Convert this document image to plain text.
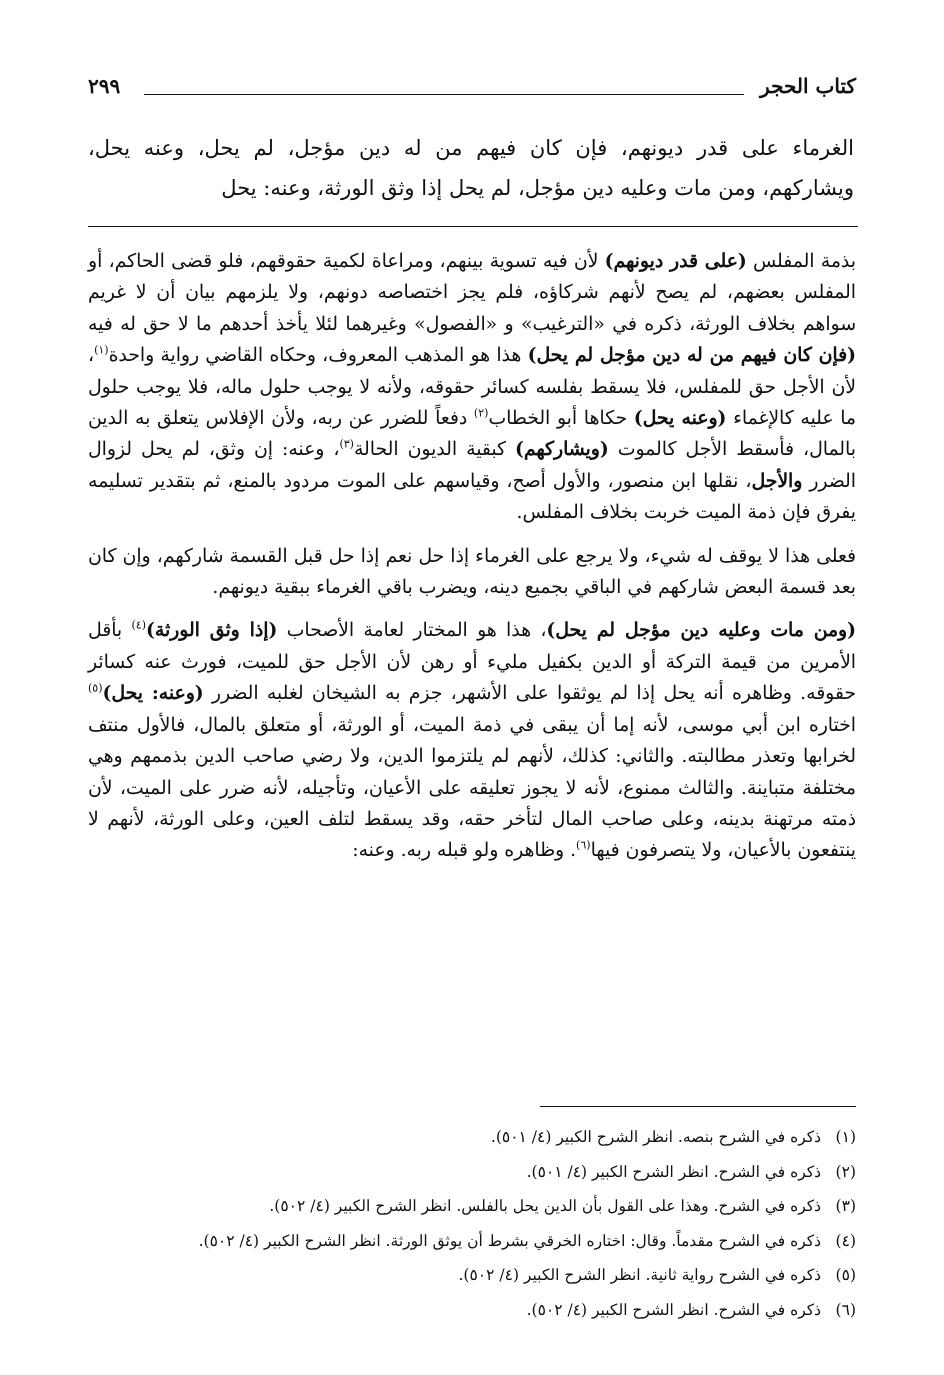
كتاب الحجر
٢٩٩
الغرماء على قدر ديونهم، فإن كان فيهم من له دين مؤجل، لم يحل، وعنه يحل، ويشاركهم، ومن مات وعليه دين مؤجل، لم يحل إذا وثق الورثة، وعنه: يحل

بذمة المفلس (على قدر ديونهم) لأن فيه تسوية بينهم، ومراعاة لكمية حقوقهم، فلو قضى الحاكم، أو المفلس بعضهم، لم يصح لأنهم شركاؤه، فلم يجز اختصاصه دونهم، ولا يلزمهم بيان أن لا غريم سواهم بخلاف الورثة، ذكره في «الترغيب» و «الفصول» وغيرهما لئلا يأخذ أحدهم ما لا حق له فيه (فإن كان فيهم من له دين مؤجل لم يحل) هذا هو المذهب المعروف، وحكاه القاضي رواية واحدة$^{(١)}$، لأن الأجل حق للمفلس، فلا يسقط بفلسه كسائر حقوقه، ولأنه لا يوجب حلول ماله، فلا يوجب حلول ما عليه كالإغماء (وعنه يحل) حكاها أبو الخطاب$^{(٢)}$ دفعاً للضرر عن ربه، ولأن الإفلاس يتعلق به الدين بالمال، فأسقط الأجل كالموت (ويشاركهم) كبقية الديون الحالة$^{(٣)}$، وعنه: إن وثق، لم يحل لزوال الضرر والأجل، نقلها ابن منصور، والأول أصح، وقياسهم على الموت مردود بالمنع، ثم بتقدير تسليمه يفرق فإن ذمة الميت خربت بخلاف المفلس.

فعلى هذا لا يوقف له شيء، ولا يرجع على الغرماء إذا حل نعم إذا حل قبل القسمة شاركهم، وإن كان بعد قسمة البعض شاركهم في الباقي بجميع دينه، ويضرب باقي الغرماء ببقية ديونهم.

(ومن مات وعليه دين مؤجل لم يحل)، هذا هو المختار لعامة الأصحاب (إذا وثق الورثة)$^{(٤)}$ بأقل الأمرين من قيمة التركة أو الدين بكفيل مليء أو رهن لأن الأجل حق للميت، فورث عنه كسائر حقوقه. وظاهره أنه يحل إذا لم يوثقوا على الأشهر، جزم به الشيخان لغلبه الضرر (وعنه: يحل)$^{(٥)}$ اختاره ابن أبي موسى، لأنه إما أن يبقى في ذمة الميت، أو الورثة، أو متعلق بالمال، فالأول منتف لخرابها وتعذر مطالبته. والثاني: كذلك، لأنهم لم يلتزموا الدين، ولا رضي صاحب الدين بذممهم وهي مختلفة متباينة. والثالث ممنوع، لأنه لا يجوز تعليقه على الأعيان، وتأجيله، لأنه ضرر على الميت، لأن ذمته مرتهنة بدينه، وعلى صاحب المال لتأخر حقه، وقد يسقط لتلف العين، وعلى الورثة، لأنهم لا ينتفعون بالأعيان، ولا يتصرفون فيها$^{(٦)}$. وظاهره ولو قبله ربه. وعنه:

(١) ذكره في الشرح بنصه. انظر الشرح الكبير (٤/ ٥٠١).
(٢) ذكره في الشرح. انظر الشرح الكبير (٤/ ٥٠١).
(٣) ذكره في الشرح. وهذا على القول بأن الدين يحل بالفلس. انظر الشرح الكبير (٤/ ٥٠٢).
(٤) ذكره في الشرح مقدماً. وقال: اختاره الخرقي بشرط أن يوثق الورثة. انظر الشرح الكبير (٤/ ٥٠٢).
(٥) ذكره في الشرح رواية ثانية. انظر الشرح الكبير (٤/ ٥٠٢).
(٦) ذكره في الشرح. انظر الشرح الكبير (٤/ ٥٠٢).
